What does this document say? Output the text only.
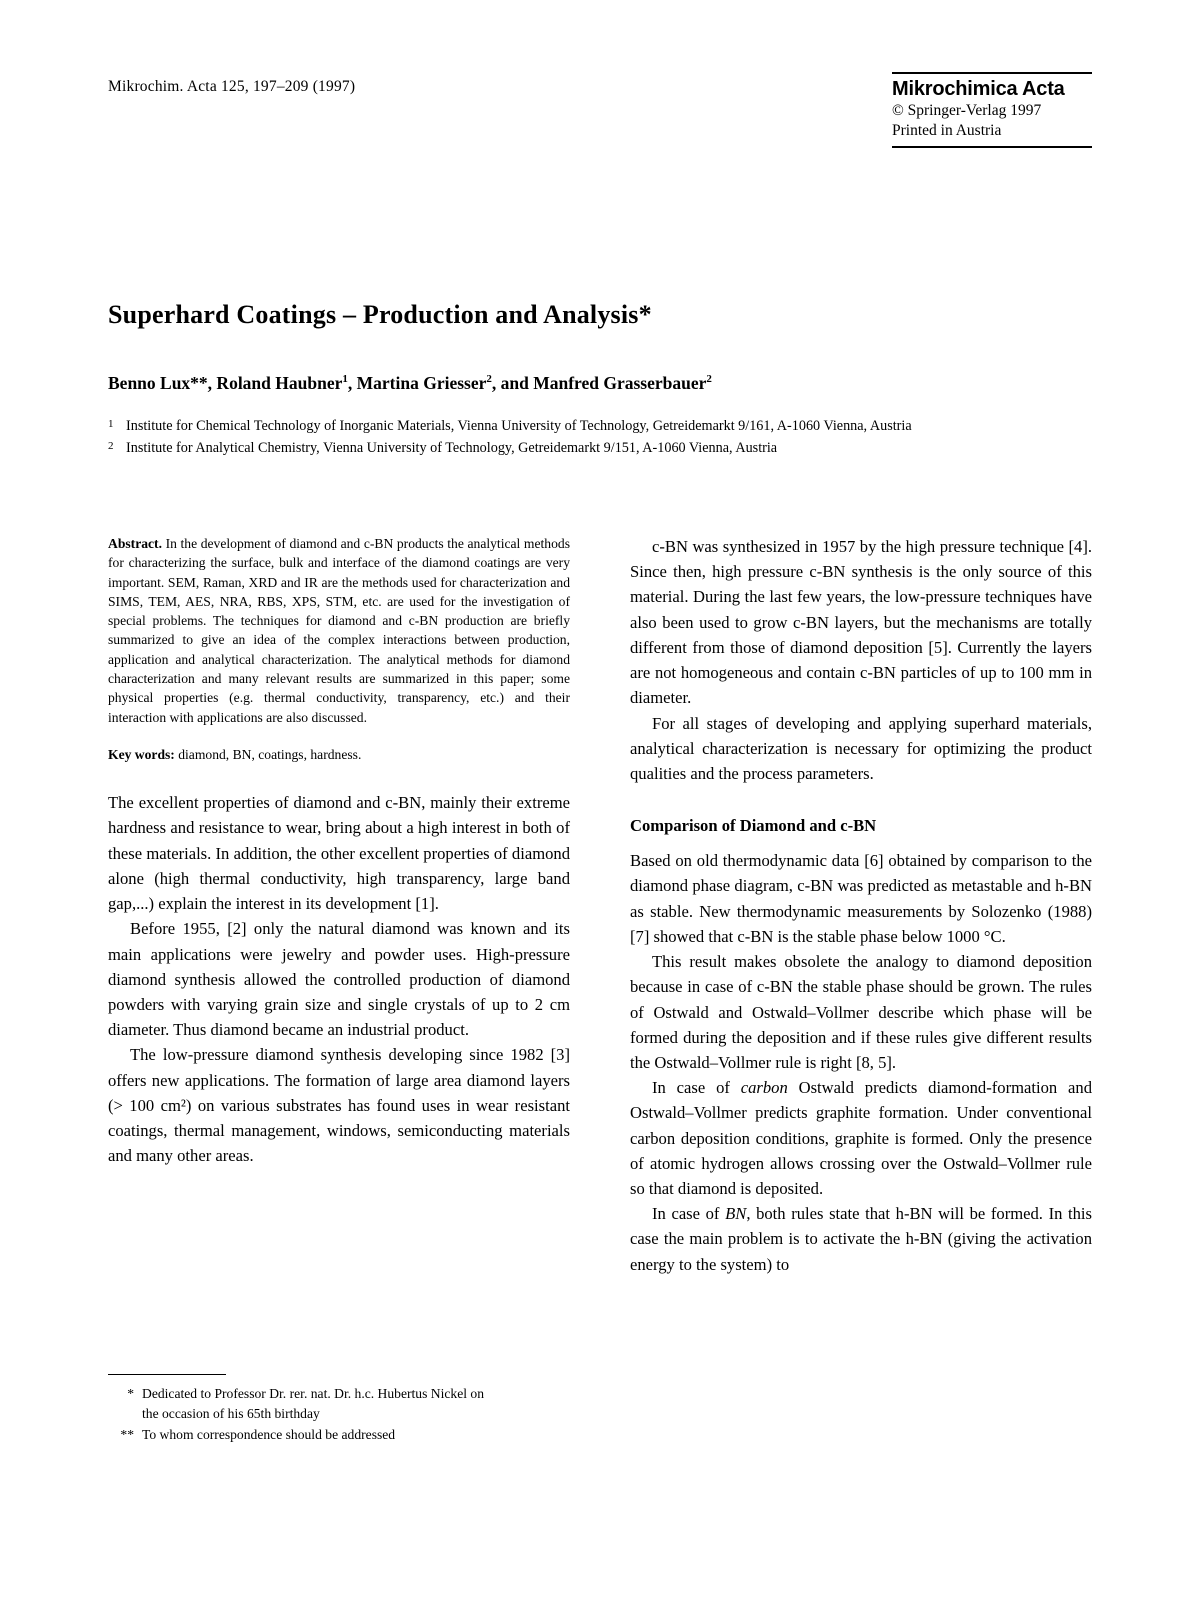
Mikrochim. Acta 125, 197–209 (1997)	Mikrochimica Acta
© Springer-Verlag 1997
Printed in Austria
Superhard Coatings – Production and Analysis*
Benno Lux**, Roland Haubner$^1$, Martina Griesser$^2$, and Manfred Grasserbauer$^2$
1 Institute for Chemical Technology of Inorganic Materials, Vienna University of Technology, Getreidemarkt 9/161, A-1060 Vienna, Austria
2 Institute for Analytical Chemistry, Vienna University of Technology, Getreidemarkt 9/151, A-1060 Vienna, Austria
Abstract. In the development of diamond and c-BN products the analytical methods for characterizing the surface, bulk and interface of the diamond coatings are very important. SEM, Raman, XRD and IR are the methods used for characterization and SIMS, TEM, AES, NRA, RBS, XPS, STM, etc. are used for the investigation of special problems. The techniques for diamond and c-BN production are briefly summarized to give an idea of the complex interactions between production, application and analytical characterization. The analytical methods for diamond characterization and many relevant results are summarized in this paper; some physical properties (e.g. thermal conductivity, transparency, etc.) and their interaction with applications are also discussed.
Key words: diamond, BN, coatings, hardness.

The excellent properties of diamond and c-BN, mainly their extreme hardness and resistance to wear, bring about a high interest in both of these materials. In addition, the other excellent properties of diamond alone (high thermal conductivity, high transparency, large band gap,...) explain the interest in its development [1].

Before 1955, [2] only the natural diamond was known and its main applications were jewelry and powder uses. High-pressure diamond synthesis allowed the controlled production of diamond powders with varying grain size and single crystals of up to 2 cm diameter. Thus diamond became an industrial product.

The low-pressure diamond synthesis developing since 1982 [3] offers new applications. The formation of large area diamond layers (> 100 cm²) on various substrates has found uses in wear resistant coatings, thermal management, windows, semiconducting materials and many other areas.

c-BN was synthesized in 1957 by the high pressure technique [4]. Since then, high pressure c-BN synthesis is the only source of this material. During the last few years, the low-pressure techniques have also been used to grow c-BN layers, but the mechanisms are totally different from those of diamond deposition [5]. Currently the layers are not homogeneous and contain c-BN particles of up to 100 mm in diameter.

For all stages of developing and applying superhard materials, analytical characterization is necessary for optimizing the product qualities and the process parameters.

Comparison of Diamond and c-BN

Based on old thermodynamic data [6] obtained by comparison to the diamond phase diagram, c-BN was predicted as metastable and h-BN as stable. New thermodynamic measurements by Solozenko (1988) [7] showed that c-BN is the stable phase below 1000 °C.

This result makes obsolete the analogy to diamond deposition because in case of c-BN the stable phase should be grown. The rules of Ostwald and Ostwald–Vollmer describe which phase will be formed during the deposition and if these rules give different results the Ostwald–Vollmer rule is right [8, 5].

In case of carbon Ostwald predicts diamond-formation and Ostwald–Vollmer predicts graphite formation. Under conventional carbon deposition conditions, graphite is formed. Only the presence of atomic hydrogen allows crossing over the Ostwald–Vollmer rule so that diamond is deposited.

In case of BN, both rules state that h-BN will be formed. In this case the main problem is to activate the h-BN (giving the activation energy to the system) to

* Dedicated to Professor Dr. rer. nat. Dr. h.c. Hubertus Nickel on
the occasion of his 65th birthday
** To whom correspondence should be addressed
